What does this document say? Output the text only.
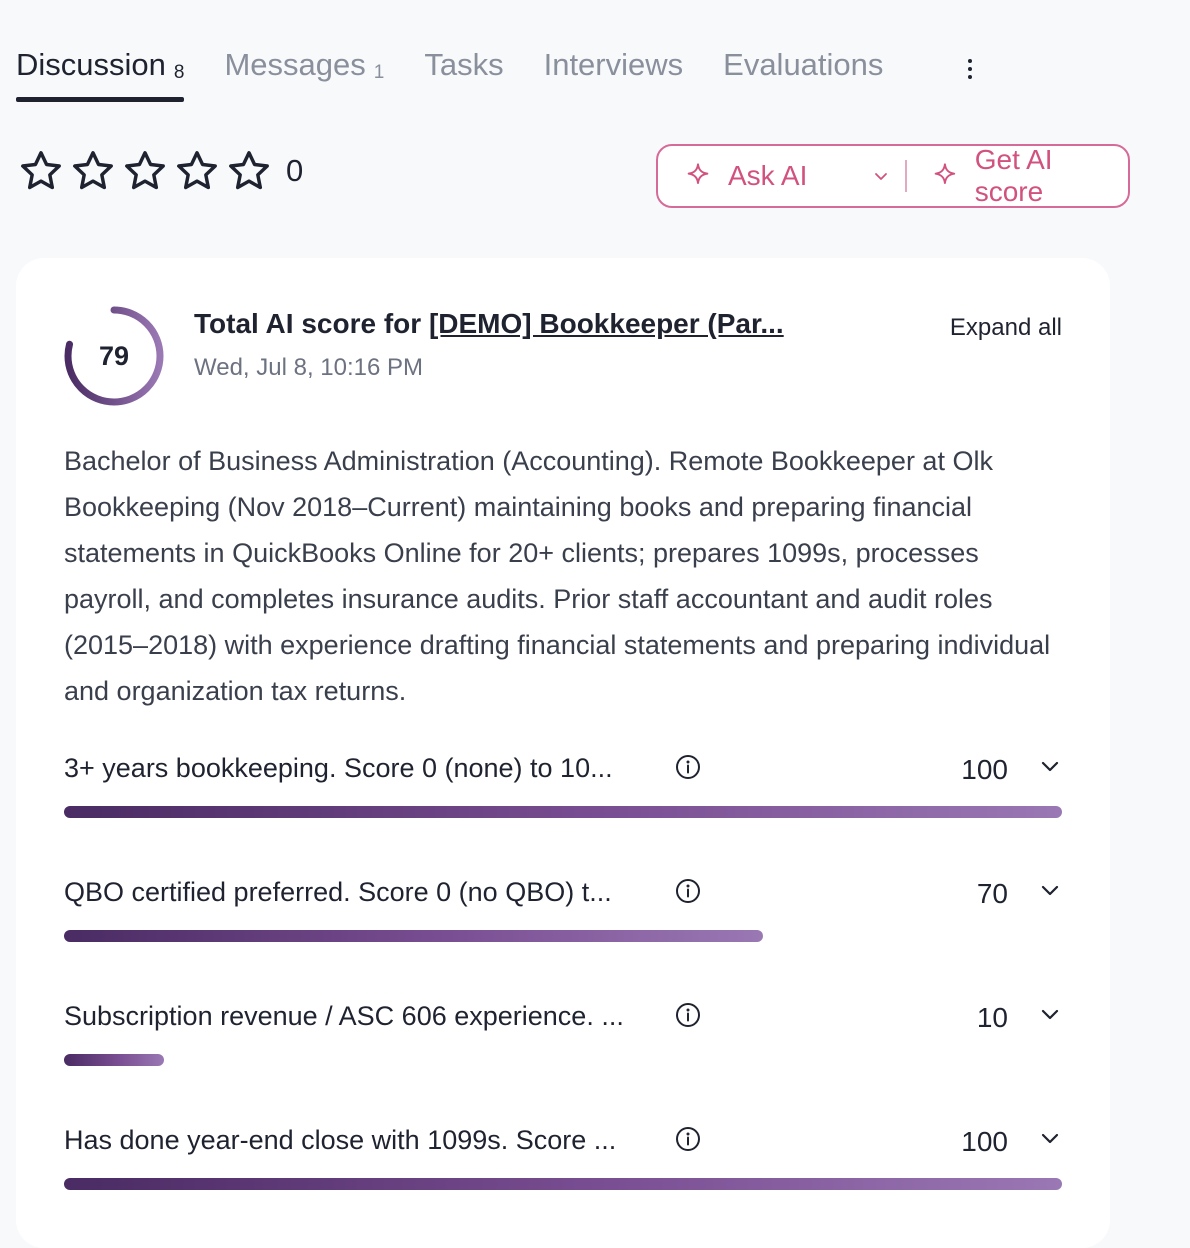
Discussion 8 Messages 1 Tasks Interviews Evaluations
0	Ask AI
Get AI score
79
Total AI score for [DEMO] Bookkeeper (Par...
Wed, Jul 8, 10:16 PM
Expand all
Bachelor of Business Administration (Accounting). Remote Bookkeeper at Olk Bookkeeping (Nov 2018–Current) maintaining books and preparing financial statements in QuickBooks Online for 20+ clients; prepares 1099s, processes payroll, and completes insurance audits. Prior staff accountant and audit roles (2015–2018) with experience drafting financial statements and preparing individual and organization tax returns.
3+ years bookkeeping. Score 0 (none) to 10...	100
QBO certified preferred. Score 0 (no QBO) t...	70
Subscription revenue / ASC 606 experience. ...	10
Has done year-end close with 1099s. Score ...	100
